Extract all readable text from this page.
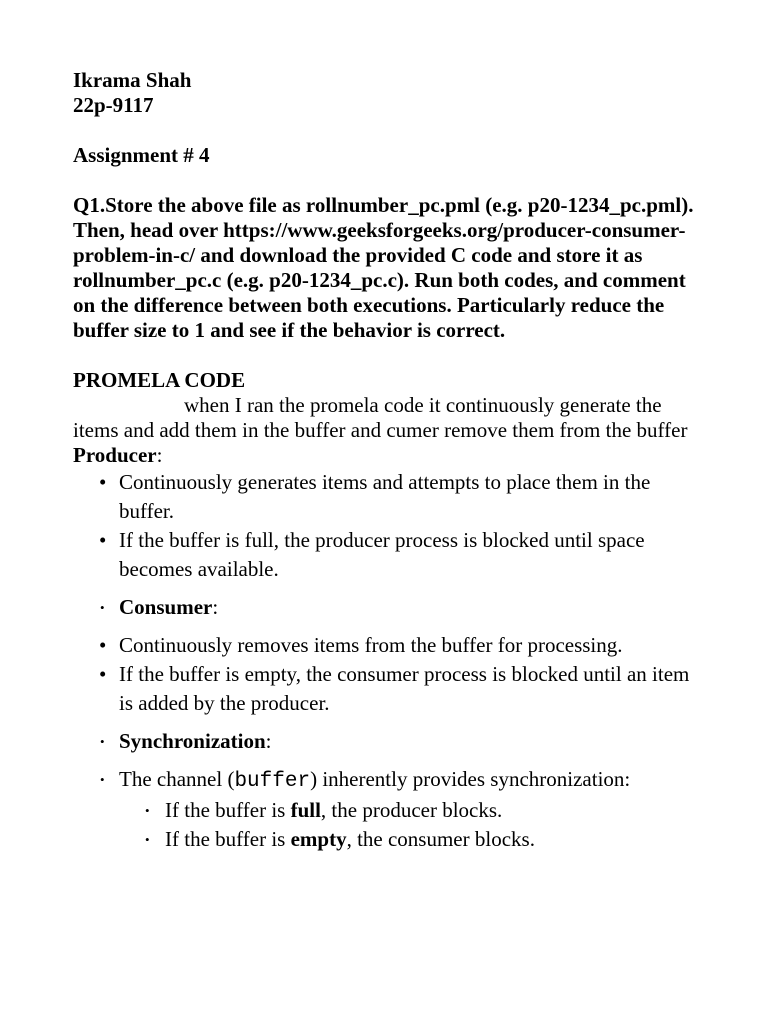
Ikrama Shah

22p-9117

Assignment # 4

Q1.Store the above file as rollnumber_pc.pml (e.g. p20-1234_pc.pml). Then, head over https://www.geeksforgeeks.org/producer-consumer-problem-in-c/ and download the provided C code and store it as rollnumber_pc.c (e.g. p20-1234_pc.c). Run both codes, and comment on the difference between both executions. Particularly reduce the buffer size to 1 and see if the behavior is correct.

PROMELA CODE

when I ran the promela code it continuously generate the items and add them in the buffer and cumer remove them from the buffer

Producer:

• Continuously generates items and attempts to place them in the buffer.
• If the buffer is full, the producer process is blocked until space becomes available.
• Consumer:
• Continuously removes items from the buffer for processing.
• If the buffer is empty, the consumer process is blocked until an item is added by the producer.
• Synchronization:
• The channel (buffer) inherently provides synchronization:
• If the buffer is full, the producer blocks.
• If the buffer is empty, the consumer blocks.
